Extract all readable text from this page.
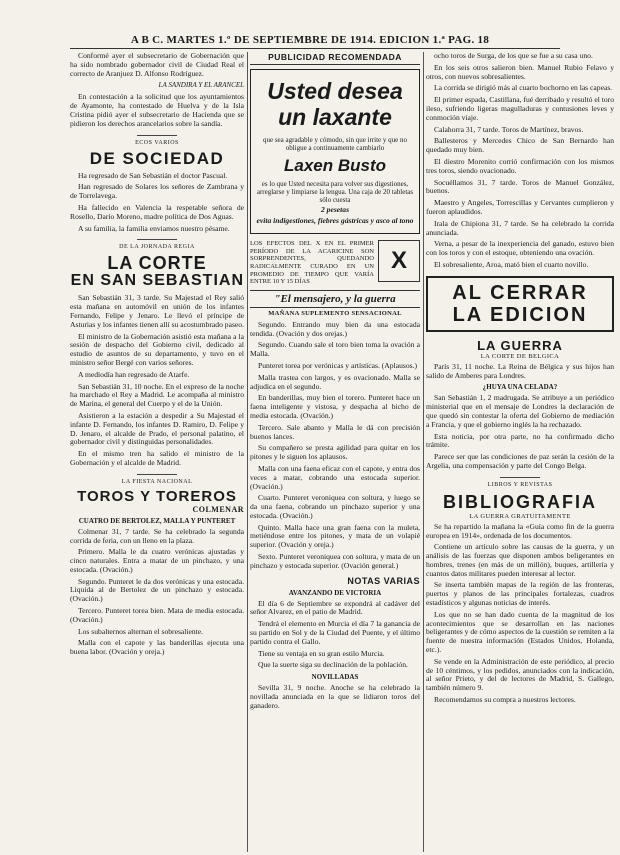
A B C. MARTES 1.º DE SEPTIEMBRE DE 1914. EDICION 1.ª PAG. 18

Conformé ayer el subsecretario de Gobernación que ha sido nombrado gobernador civil de Ciudad Real el correcto de Aranjuez D. Alfonso Rodríguez.

LA SANDIRA Y EL ARANCEL

En contestación a la solicitud que los ayuntamientos de Ayamonte, ha contestado de Huelva y de la Isla Cristina pidió ayer el subsecretario de Hacienda que se pidieron los derechos arancelarios sobre la sandía.

ECOS VARIOS
DE SOCIEDAD

Ha regresado de San Sebastián el doctor Pascual.

Han regresado de Solares los señores de Zambrana y de Torrelavega.

Ha fallecido en Valencia la respetable señora de Rosello, Darío Moreno, madre política de Dos Aguas.

A su familia, la familia enviamos nuestro pésame.

DE LA JORNADA REGIA
LA CORTE
EN SAN SEBASTIAN

San Sebastián 31, 3 tarde. Su Majestad el Rey salió esta mañana en automóvil en unión de los infantes Fernando, Felipe y Jenaro. Le llevó el príncipe de Asturias y los infantes tienen allí su acostumbrado paseo.

El ministro de la Gobernación asistió esta mañana a la sesión de despacho del Gobierno civil, dedicado al estudio de asuntos de su departamento, y tuvo en el ministro señor Bergé con varios señores.

A mediodía han regresado de Atarfe.

San Sebastián 31, 10 noche. En el expreso de la noche ha marchado el Rey a Madrid. Le acompaña al ministro de Marina, el general del Cuerpo y el de la Unión.

Asistieron a la estación a despedir a Su Majestad el infante D. Fernando, los infantes D. Ramiro, D. Felipe y D. Jenaro, el alcalde de Prado, el personal palatino, el gobernador civil y distinguidas personalidades.

En el mismo tren ha salido el ministro de la Gobernación y el alcalde de Madrid.

LA FIESTA NACIONAL
TOROS Y TOREROS
COLMENAR
CUATRO DE BERTOLEZ, MALLA Y PUNTERET

Colmenar 31, 7 tarde. Se ha celebrado la segunda corrida de feria, con un lleno en la plaza.

Primero. Malla le da cuatro verónicas ajustadas y cinco naturales. Entra a matar de un pinchazo, y una estocada. (Ovación.)

Segundo. Punteret le da dos verónicas y una estocada. Liquida al de Bertolez de un pinchazo y estocada. (Ovación.)

Tercero. Punteret torea bien. Mata de media estocada. (Ovación.)

Los subalternos alternan el sobresaliente.

Malla con el capote y las banderillas ejecuta una buena labor. (Ovación y oreja.)

PUBLICIDAD RECOMENDADA
Usted desea
un laxante
que sea agradable y cómodo, sin que irrite y que no obligue a continuamente cambiarlo
Laxen Busto
es lo que Usted necesita para volver sus digestiones, arreglarse y limpiarse la lengua. Una caja de 20 tabletas sólo cuesta
2 pesetas
evita indigestiones, fiebres gástricas y asco al tono
LOS EFECTOS DEL X EN EL PRIMER PERÍODO DE LA ACARICINE SON SORPRENDENTES, QUEDANDO RADICALMENTE CURADO EN UN PROMEDIO DE TIEMPO QUE VARÍA ENTRE 10 Y 15 DÍAS
X
"El mensajero, y la guerra
MAÑANA SUPLEMENTO SENSACIONAL

Segundo. Entrando muy bien da una estocada tendida. (Ovación y dos orejas.)

Segundo. Cuando sale el toro bien toma la ovación a Malla.

Punteret torea por verónicas y artísticas. (Aplausos.)

Malla trastea con largos, y es ovacionado. Malla se adjudica en el segundo.

En banderillas, muy bien el torero. Punteret hace un faena inteligente y vistosa, y despacha al bicho de media estocada. (Ovación.)

Tercero. Sale abanto y Malla le dá con precisión buenos lances.

Su compañero se presta agilidad para quitar en los pitones y le siguen los aplausos.

Malla con una faena eficaz con el capote, y entra dos veces a matar, cobrando una estocada superior. (Ovación.)

Cuarto. Punteret veroniquea con soltura, y luego se da una faena, cobrando un pinchazo superior y una estocada. (Ovación.)

Quinto. Malla hace una gran faena con la muleta, metiéndose entre los pitones, y mata de un volapié superior. (Ovación y oreja.)

Sexto. Punteret veroniquea con soltura, y mata de un pinchazo y estocada superior. (Ovación general.)

NOTAS VARIAS
AVANZANDO DE VICTORIA

El día 6 de Septiembre se expondrá al cadáver del señor Alvarez, en el patio de Madrid.

Tendrá el elemento en Murcia el día 7 la ganancia de su partido en Sol y de la Ciudad del Puente, y el último partido contra el Gallo.

Tiene su ventaja en su gran estilo Murcia.

Que la suerte siga su declinación de la población.

NOVILLADAS

Sevilla 31, 9 noche. Anoche se ha celebrado la novillada anunciada en la que se lidiaron toros del ganadero.

ocho toros de Surga, de los que se fue a su casa uno.

En los seis otros salieron bien. Manuel Rubio Felavo y otros, con nuevos sobresalientes.

La corrida se dirigió más al cuarto bochorno en las capeas.

El primer espada, Castillana, fué derribado y resultó el toro ileso, sufriendo ligeras magulladuras y contusiones leves y conmoción viaje.

Calahorra 31, 7 tarde. Toros de Martínez, bravos.

Ballesteros y Mercedes Chico de San Bernardo han quedado muy bien.

El diestro Morenito corrió confirmación con los mismos tres toros, siendo ovacionado.

Socuéllamos 31, 7 tarde. Toros de Manuel González, buenos.

Maestro y Angeles, Torrescillas y Cervantes cumplieron y fueron aplaudidos.

Irala de Chipiona 31, 7 tarde. Se ha celebrado la corrida anunciada.

Verna, a pesar de la inexperiencia del ganado, estuvo bien con los toros y con el estoque, obteniendo una ovación.

El sobresaliente, Aroa, mató bien el cuarto novillo.

AL CERRAR
LA EDICION
LA GUERRA
LA CORTE DE BELGICA

París 31, 11 noche. La Reina de Bélgica y sus hijos han salido de Amberes para Londres.

¿HUYA UNA CELADA?

San Sebastián 1, 2 madrugada. Se atribuye a un periódico ministerial que en el mensaje de Londres la declaración de que quedó sin contestar la oferta del Gobierno de mediación a Francia, y que el gobierno inglés la ha rechazado.

Esta noticia, por otra parte, no ha confirmado dicho trámite.

Parece ser que las condiciones de paz serán la cesión de la Argelia, una compensación y parte del Congo Belga.

LIBROS Y REVISTAS
BIBLIOGRAFIA
LA GUERRA GRATUITAMENTE

Se ha repartido la mañana la «Guía como fin de la guerra europea en 1914», ordenada de los documentos.

Contiene un artículo sobre las causas de la guerra, y un análisis de las fuerzas que disponen ambos beligerantes en hombres, trenes (en más de un millón), buques, artillería y cuantos datos militares pueden interesar al lector.

Se inserta también mapas de la región de las fronteras, puertos y planos de las principales fortalezas, cuadros estadísticos y algunas noticias de interés.

Los que no se han dado cuenta de la magnitud de los acontecimientos que se desarrollan en las naciones beligerantes y de cómo aspectos de la cuestión se remiten a la fuente de nuestra información (Estados Unidos, Holanda, etc.).

Se vende en la Administración de este periódico, al precio de 10 céntimos, y los pedidos, anunciados con la indicación, al señor Prieto, y del de lectores de Madrid, S. Gallego, también número 9.

Recomendamos su compra a nuestros lectores.
